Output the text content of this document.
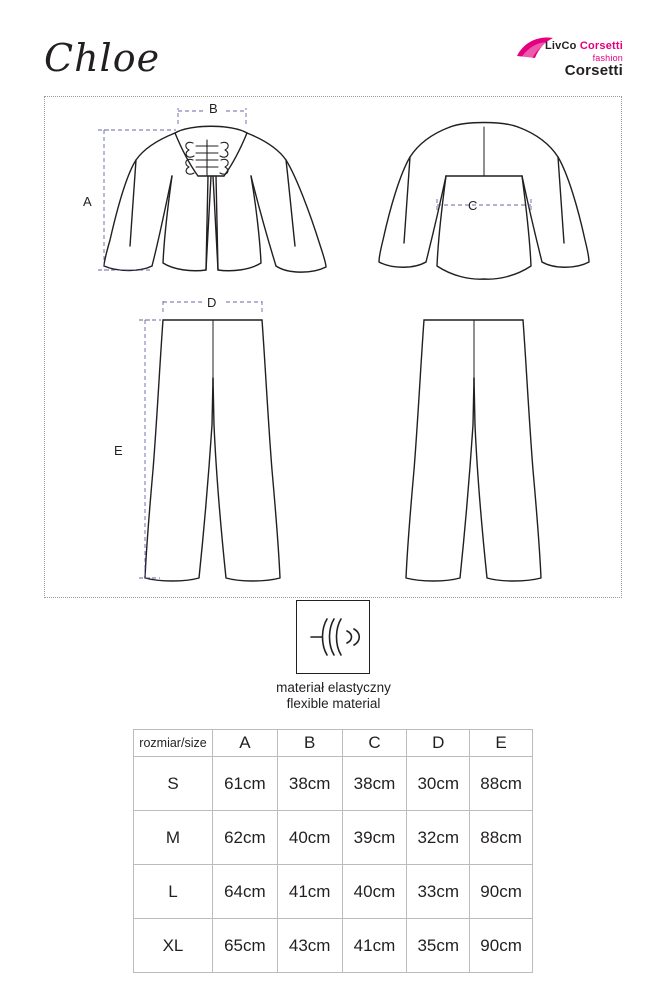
Chloe	LivCo Corsetti
fashion
Corsetti
B
A	C
D
E
materiał elastyczny
flexible material
rozmiar/size	A	B	C	D	E
S	61cm	38cm	38cm	30cm	88cm
M	62cm	40cm	39cm	32cm	88cm
L	64cm	41cm	40cm	33cm	90cm
XL	65cm	43cm	41cm	35cm	90cm
